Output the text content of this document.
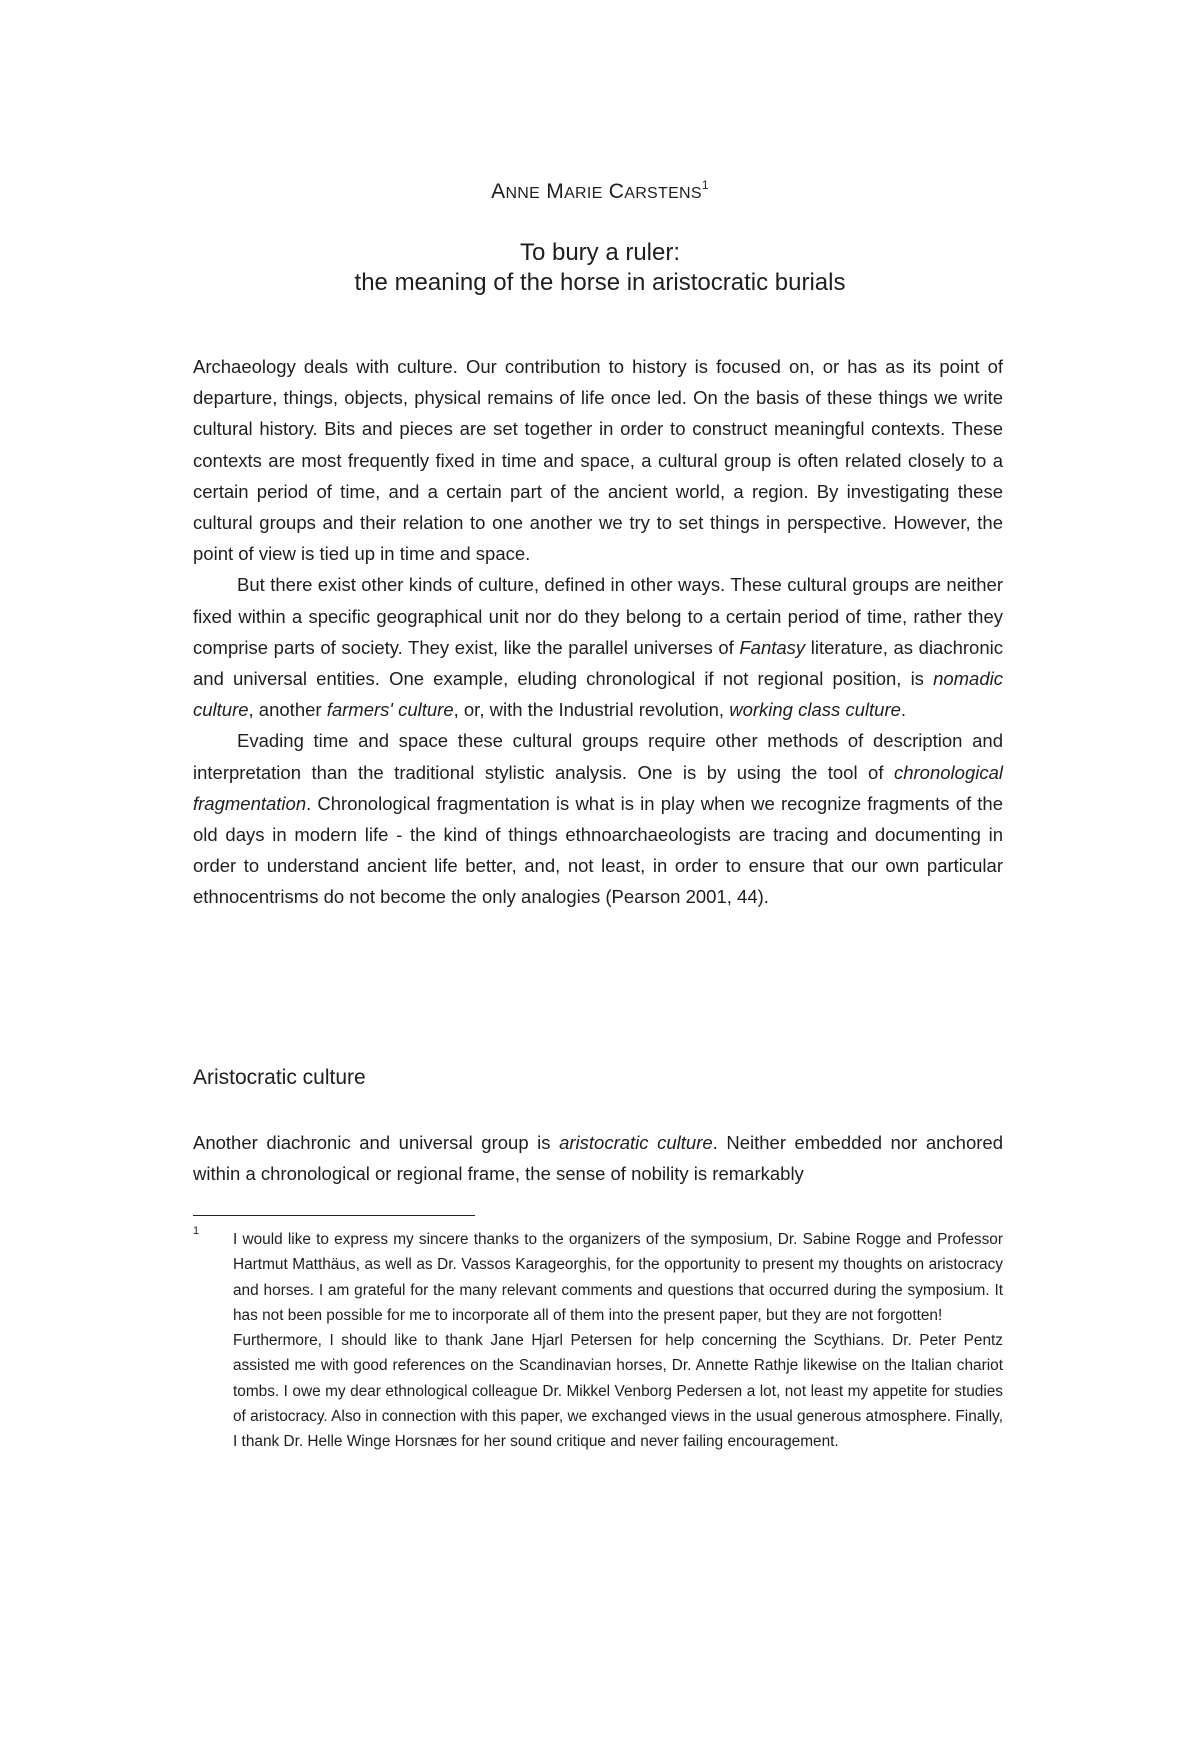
ANNE MARIE CARSTENS$^1$
To bury a ruler:
the meaning of the horse in aristocratic burials

Archaeology deals with culture. Our contribution to history is focused on, or has as its point of departure, things, objects, physical remains of life once led. On the basis of these things we write cultural history. Bits and pieces are set together in order to construct meaningful contexts. These contexts are most frequently fixed in time and space, a cultural group is often related closely to a certain period of time, and a certain part of the ancient world, a region. By investigating these cultural groups and their relation to one another we try to set things in perspective. However, the point of view is tied up in time and space.

But there exist other kinds of culture, defined in other ways. These cultural groups are neither fixed within a specific geographical unit nor do they belong to a certain period of time, rather they comprise parts of society. They exist, like the parallel universes of Fantasy literature, as diachronic and universal entities. One example, eluding chronological if not regional position, is nomadic culture, another farmers' culture, or, with the Industrial revolution, working class culture.

Evading time and space these cultural groups require other methods of description and interpretation than the traditional stylistic analysis. One is by using the tool of chronological fragmentation. Chronological fragmentation is what is in play when we recognize fragments of the old days in modern life - the kind of things ethnoarchaeologists are tracing and documenting in order to understand ancient life better, and, not least, in order to ensure that our own particular ethnocentrisms do not become the only analogies (Pearson 2001, 44).

Aristocratic culture

Another diachronic and universal group is aristocratic culture. Neither embedded nor anchored within a chronological or regional frame, the sense of nobility is remarkably

1 I would like to express my sincere thanks to the organizers of the symposium, Dr. Sabine Rogge and Professor Hartmut Matthäus, as well as Dr. Vassos Karageorghis, for the opportunity to present my thoughts on aristocracy and horses. I am grateful for the many relevant comments and questions that occurred during the symposium. It has not been possible for me to incorporate all of them into the present paper, but they are not forgotten!

Furthermore, I should like to thank Jane Hjarl Petersen for help concerning the Scythians. Dr. Peter Pentz assisted me with good references on the Scandinavian horses, Dr. Annette Rathje likewise on the Italian chariot tombs. I owe my dear ethnological colleague Dr. Mikkel Venborg Pedersen a lot, not least my appetite for studies of aristocracy. Also in connection with this paper, we exchanged views in the usual generous atmosphere. Finally, I thank Dr. Helle Winge Horsnæs for her sound critique and never failing encouragement.
